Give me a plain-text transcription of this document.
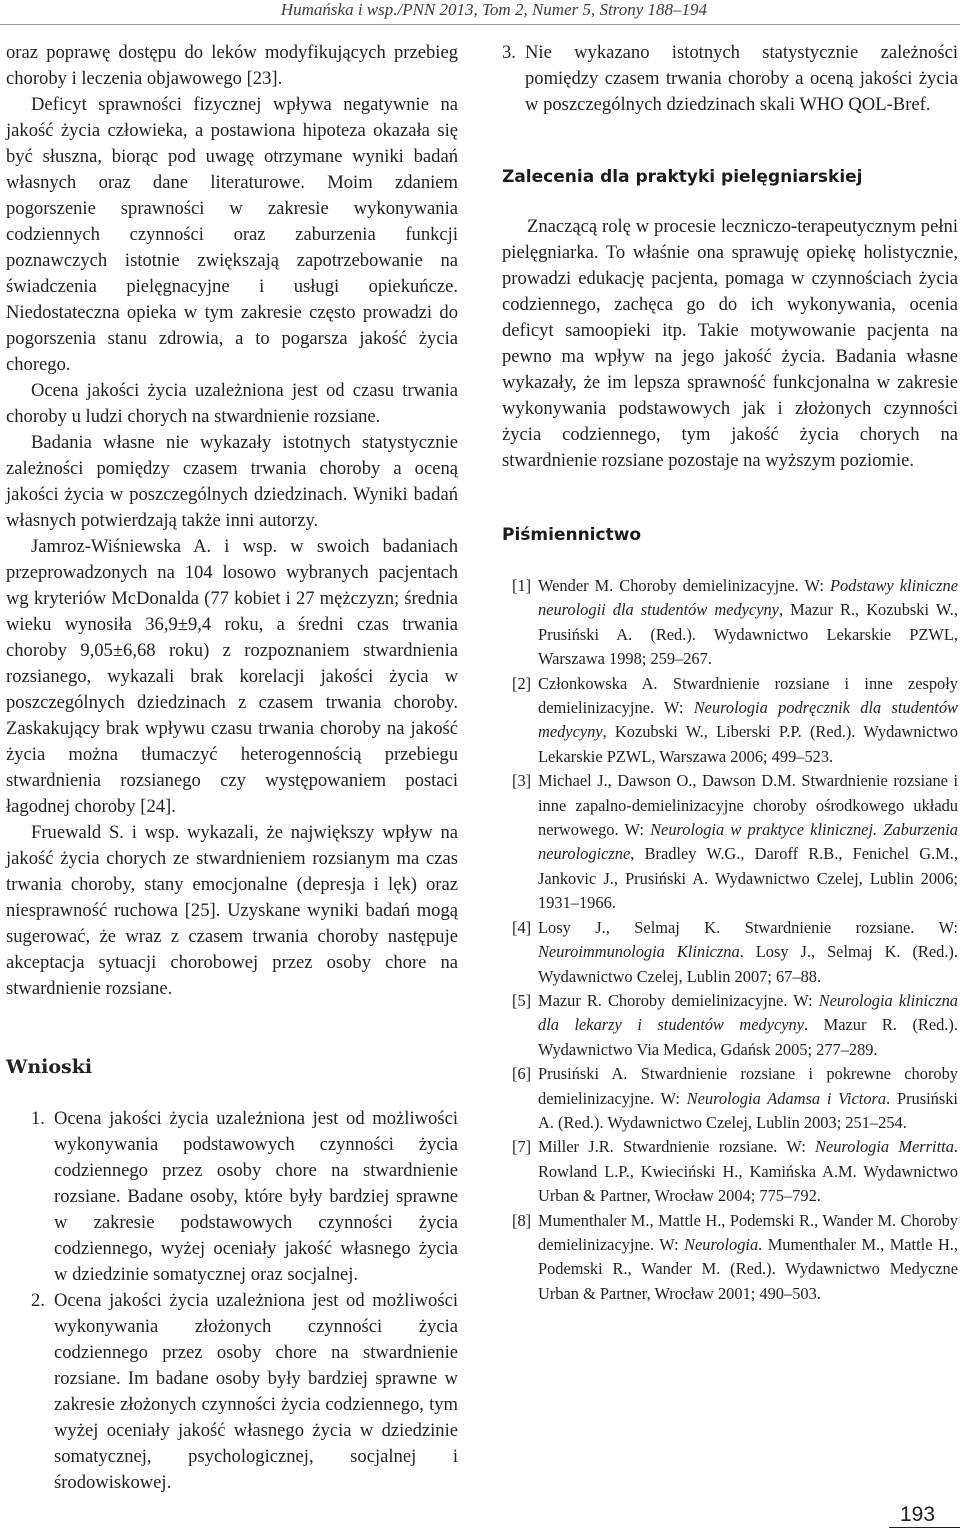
Humańska i wsp./PNN 2013, Tom 2, Numer 5, Strony 188–194

oraz poprawę dostępu do leków modyfikujących przebieg choroby i leczenia objawowego [23].

Deficyt sprawności fizycznej wpływa negatywnie na jakość życia człowieka, a postawiona hipoteza okazała się być słuszna, biorąc pod uwagę otrzymane wyniki badań własnych oraz dane literaturowe. Moim zdaniem pogorszenie sprawności w zakresie wykonywania codziennych czynności oraz zaburzenia funkcji poznawczych istotnie zwiększają zapotrzebowanie na świadczenia pielęgnacyjne i usługi opiekuńcze. Niedostateczna opieka w tym zakresie często prowadzi do pogorszenia stanu zdrowia, a to pogarsza jakość życia chorego.

Ocena jakości życia uzależniona jest od czasu trwania choroby u ludzi chorych na stwardnienie rozsiane.

Badania własne nie wykazały istotnych statystycznie zależności pomiędzy czasem trwania choroby a oceną jakości życia w poszczególnych dziedzinach. Wyniki badań własnych potwierdzają także inni autorzy.

Jamroz-Wiśniewska A. i wsp. w swoich badaniach przeprowadzonych na 104 losowo wybranych pacjentach wg kryteriów McDonalda (77 kobiet i 27 mężczyzn; średnia wieku wynosiła 36,9±9,4 roku, a średni czas trwania choroby 9,05±6,68 roku) z rozpoznaniem stwardnienia rozsianego, wykazali brak korelacji jakości życia w poszczególnych dziedzinach z czasem trwania choroby. Zaskakujący brak wpływu czasu trwania choroby na jakość życia można tłumaczyć heterogennością przebiegu stwardnienia rozsianego czy występowaniem postaci łagodnej choroby [24].

Fruewald S. i wsp. wykazali, że największy wpływ na jakość życia chorych ze stwardnieniem rozsianym ma czas trwania choroby, stany emocjonalne (depresja i lęk) oraz niesprawność ruchowa [25]. Uzyskane wyniki badań mogą sugerować, że wraz z czasem trwania choroby następuje akceptacja sytuacji chorobowej przez osoby chore na stwardnienie rozsiane.

Wnioski
1. Ocena jakości życia uzależniona jest od możliwości wykonywania podstawowych czynności życia codziennego przez osoby chore na stwardnienie rozsiane. Badane osoby, które były bardziej sprawne w zakresie podstawowych czynności życia codziennego, wyżej oceniały jakość własnego życia w dziedzinie somatycznej oraz socjalnej.
2. Ocena jakości życia uzależniona jest od możliwości wykonywania złożonych czynności życia codziennego przez osoby chore na stwardnienie rozsiane. Im badane osoby były bardziej sprawne w zakresie złożonych czynności życia codziennego, tym wyżej oceniały jakość własnego życia w dziedzinie somatycznej, psychologicznej, socjalnej i środowiskowej.
3. Nie wykazano istotnych statystycznie zależności pomiędzy czasem trwania choroby a oceną jakości życia w poszczególnych dziedzinach skali WHO QOL-Bref.
Zalecenia dla praktyki pielęgniarskiej

Znaczącą rolę w procesie leczniczo-terapeutycznym pełni pielęgniarka. To właśnie ona sprawuję opiekę holistycznie, prowadzi edukację pacjenta, pomaga w czynnościach życia codziennego, zachęca go do ich wykonywania, ocenia deficyt samoopieki itp. Takie motywowanie pacjenta na pewno ma wpływ na jego jakość życia. Badania własne wykazały, że im lepsza sprawność funkcjonalna w zakresie wykonywania podstawowych jak i złożonych czynności życia codziennego, tym jakość życia chorych na stwardnienie rozsiane pozostaje na wyższym poziomie.

Piśmiennictwo
[1] Wender M. Choroby demielinizacyjne. W: Podstawy kliniczne neurologii dla studentów medycyny, Mazur R., Kozubski W., Prusiński A. (Red.). Wydawnictwo Lekarskie PZWL, Warszawa 1998; 259–267.
[2] Członkowska A. Stwardnienie rozsiane i inne zespoły demielinizacyjne. W: Neurologia podręcznik dla studentów medycyny, Kozubski W., Liberski P.P. (Red.). Wydawnictwo Lekarskie PZWL, Warszawa 2006; 499–523.
[3] Michael J., Dawson O., Dawson D.M. Stwardnienie rozsiane i inne zapalno-demielinizacyjne choroby ośrodkowego układu nerwowego. W: Neurologia w praktyce klinicznej. Zaburzenia neurologiczne, Bradley W.G., Daroff R.B., Fenichel G.M., Jankovic J., Prusiński A. Wydawnictwo Czelej, Lublin 2006; 1931–1966.
[4] Losy J., Selmaj K. Stwardnienie rozsiane. W: Neuroimmunologia Kliniczna. Losy J., Selmaj K. (Red.). Wydawnictwo Czelej, Lublin 2007; 67–88.
[5] Mazur R. Choroby demielinizacyjne. W: Neurologia kliniczna dla lekarzy i studentów medycyny. Mazur R. (Red.). Wydawnictwo Via Medica, Gdańsk 2005; 277–289.
[6] Prusiński A. Stwardnienie rozsiane i pokrewne choroby demielinizacyjne. W: Neurologia Adamsa i Victora. Prusiński A. (Red.). Wydawnictwo Czelej, Lublin 2003; 251–254.
[7] Miller J.R. Stwardnienie rozsiane. W: Neurologia Merritta. Rowland L.P., Kwieciński H., Kamińska A.M. Wydawnictwo Urban & Partner, Wrocław 2004; 775–792.
[8] Mumenthaler M., Mattle H., Podemski R., Wander M. Choroby demielinizacyjne. W: Neurologia. Mumenthaler M., Mattle H., Podemski R., Wander M. (Red.). Wydawnictwo Medyczne Urban & Partner, Wrocław 2001; 490–503.
193
